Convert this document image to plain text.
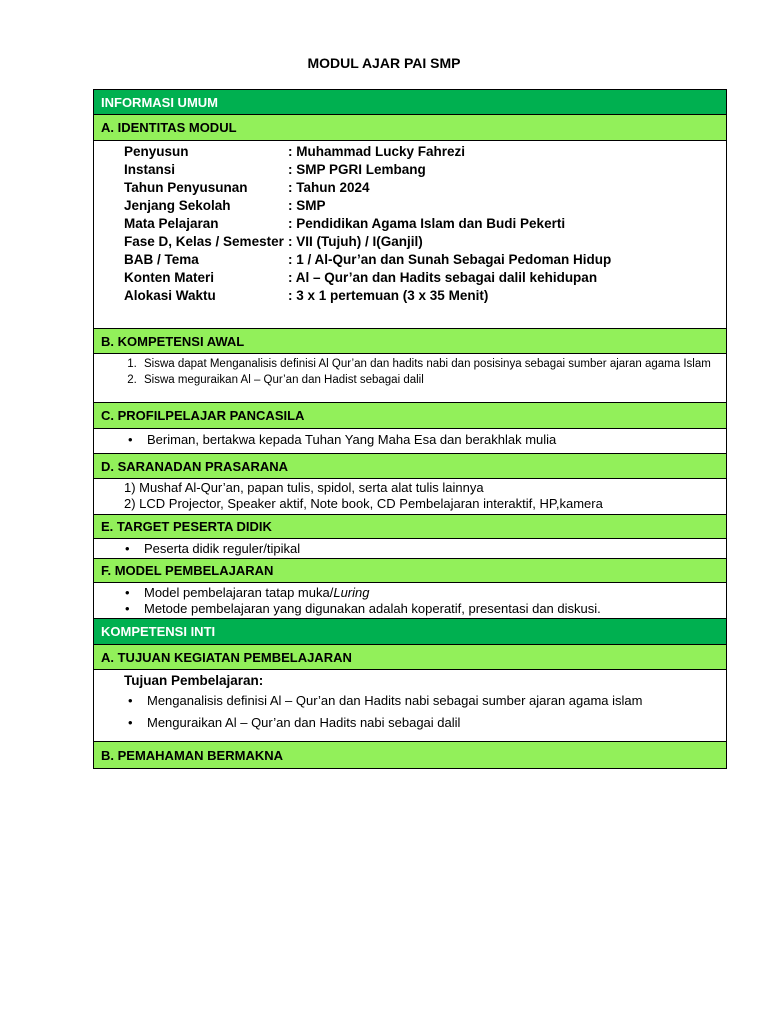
MODUL AJAR PAI SMP
INFORMASI UMUM
A. IDENTITAS MODUL
Penyusun	: Muhammad Lucky Fahrezi
Instansi	: SMP PGRI Lembang
Tahun Penyusunan	: Tahun 2024
Jenjang Sekolah	: SMP
Mata Pelajaran	: Pendidikan Agama Islam dan Budi Pekerti
Fase D, Kelas / Semester : VII (Tujuh) / I(Ganjil)
BAB / Tema	: 1 / Al-Qur’an dan Sunah Sebagai Pedoman Hidup
Konten Materi	: Al – Qur’an dan Hadits sebagai dalil kehidupan
Alokasi Waktu	: 3 x 1 pertemuan (3 x 35 Menit)
B. KOMPETENSI AWAL
1. Siswa dapat Menganalisis definisi Al Qur’an dan hadits nabi dan posisinya sebagai sumber ajaran agama Islam
2. Siswa meguraikan Al – Qur’an dan Hadist sebagai dalil
C. PROFILPELAJAR PANCASILA
• Beriman, bertakwa kepada Tuhan Yang Maha Esa dan berakhlak mulia
D. SARANADAN PRASARANA
1) Mushaf Al-Qur’an, papan tulis, spidol, serta alat tulis lainnya
2) LCD Projector, Speaker aktif, Note book, CD Pembelajaran interaktif, HP,kamera
E. TARGET PESERTA DIDIK
• Peserta didik reguler/tipikal
F. MODEL PEMBELAJARAN
• Model pembelajaran tatap muka/Luring
• Metode pembelajaran yang digunakan adalah koperatif, presentasi dan diskusi.
KOMPETENSI INTI
A. TUJUAN KEGIATAN PEMBELAJARAN
Tujuan Pembelajaran:
• Menganalisis definisi Al – Qur’an dan Hadits nabi sebagai sumber ajaran agama islam
• Menguraikan Al – Qur’an dan Hadits nabi sebagai dalil
B. PEMAHAMAN BERMAKNA
